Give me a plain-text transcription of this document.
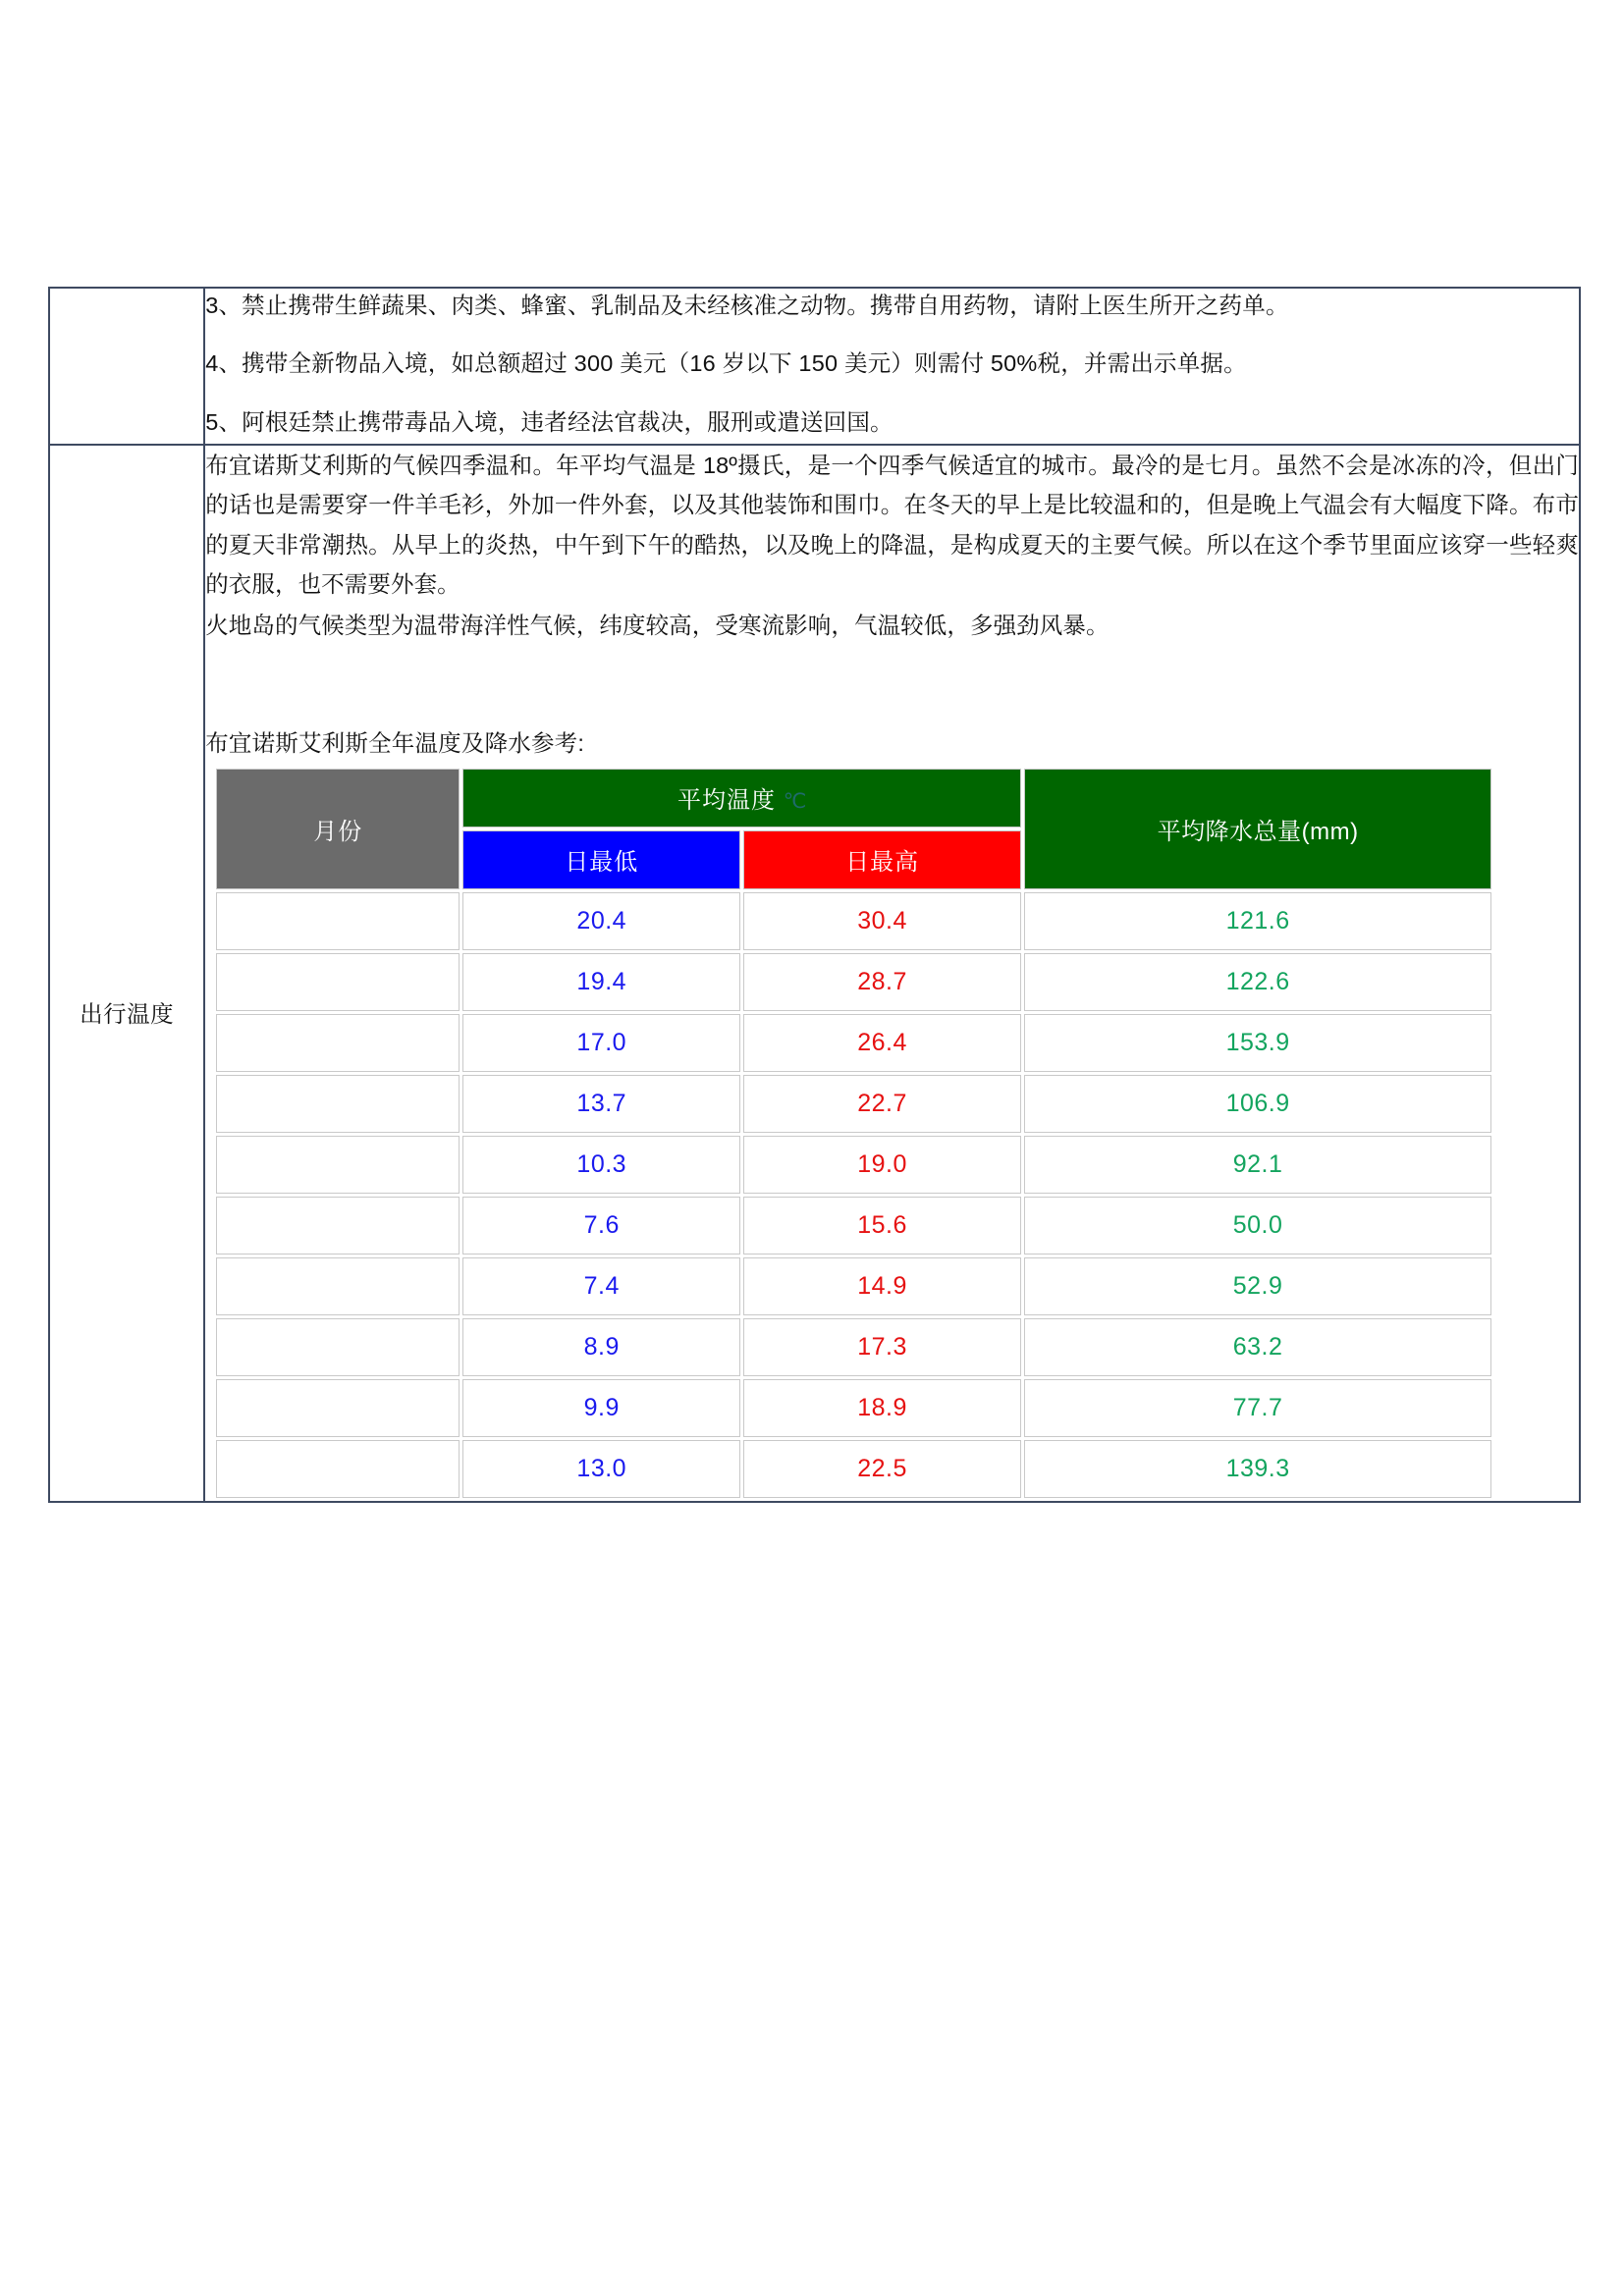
3、禁止携带生鲜蔬果、肉类、蜂蜜、乳制品及未经核准之动物。携带自用药物，请附上医生所开之药单。

4、携带全新物品入境，如总额超过 300 美元（16 岁以下 150 美元）则需付 50%税，并需出示单据。

5、阿根廷禁止携带毒品入境，违者经法官裁决，服刑或遣送回国。

出行温度

布宜诺斯艾利斯的气候四季温和。年平均气温是 18º摄氏，是一个四季气候适宜的城市。最冷的是七月。虽然不会是冰冻的冷，但出门的话也是需要穿一件羊毛衫，外加一件外套，以及其他装饰和围巾。在冬天的早上是比较温和的，但是晚上气温会有大幅度下降。布市的夏天非常潮热。从早上的炎热，中午到下午的酷热，以及晚上的降温，是构成夏天的主要气候。所以在这个季节里面应该穿一些轻爽的衣服，也不需要外套。

火地岛的气候类型为温带海洋性气候，纬度较高，受寒流影响，气温较低，多强劲风暴。

布宜诺斯艾利斯全年温度及降水参考:
月份	平均温度 ℃	平均降水总量(mm)
日最低	日最高
一月	20.4	30.4	121.6
二月	19.4	28.7	122.6
三月	17.0	26.4	153.9
四月	13.7	22.7	106.9
五月	10.3	19.0	92.1
六月	7.6	15.6	50.0
七月	7.4	14.9	52.9
八月	8.9	17.3	63.2
九月	9.9	18.9	77.7
十月	13.0	22.5	139.3
